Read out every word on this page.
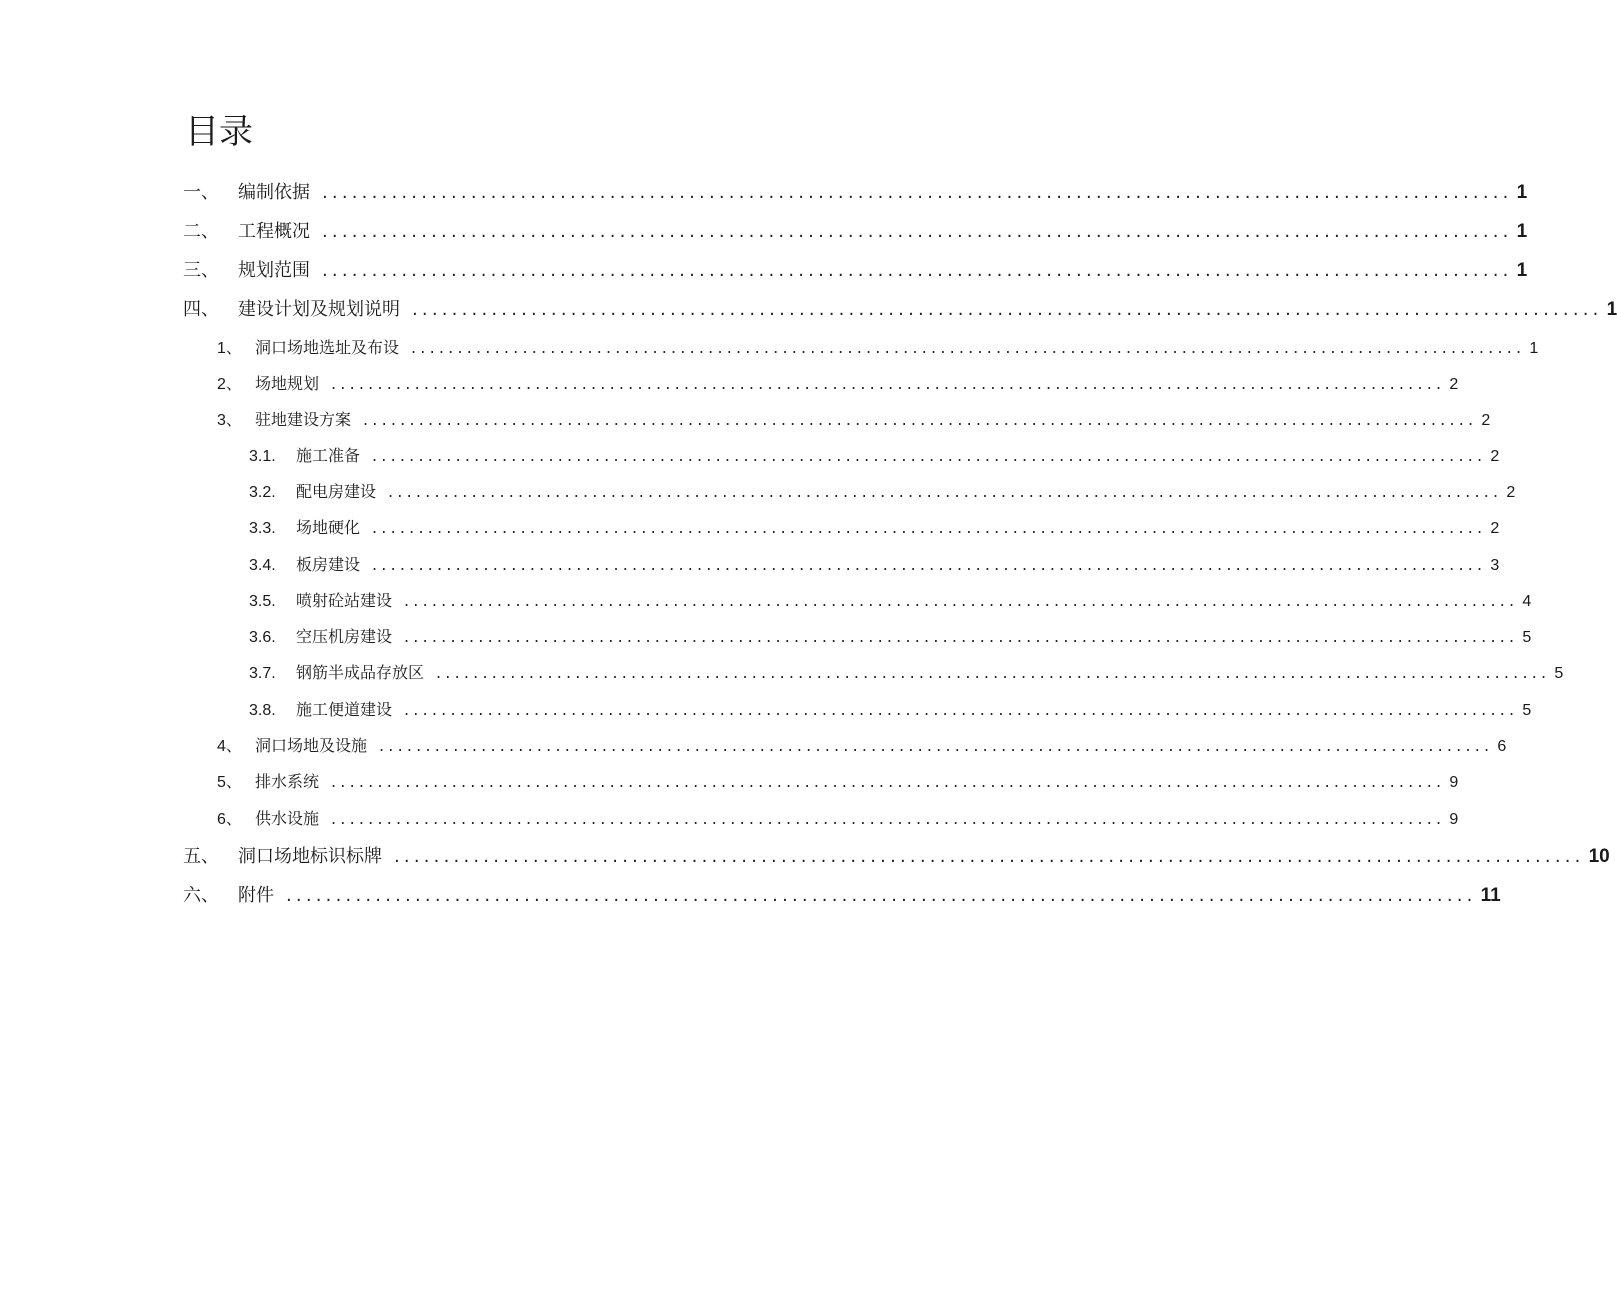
目录
一、	编制依据 ........................................................................................................................ 1
二、	工程概况 ........................................................................................................................ 1
三、	规划范围 ........................................................................................................................ 1
四、	建设计划及规划说明 ........................................................................................................................ 1
1、 洞口场地选址及布设 ........................................................................................................................ 1
2、 场地规划 ........................................................................................................................ 2
3、 驻地建设方案 ........................................................................................................................ 2
3.1.	施工准备 ........................................................................................................................ 2
3.2.	配电房建设 ........................................................................................................................ 2
3.3.	场地硬化 ........................................................................................................................ 2
3.4.	板房建设 ........................................................................................................................ 3
3.5.	喷射砼站建设 ........................................................................................................................ 4
3.6.	空压机房建设 ........................................................................................................................ 5
3.7.	钢筋半成品存放区 ........................................................................................................................ 5
3.8.	施工便道建设 ........................................................................................................................ 5
4、 洞口场地及设施 ........................................................................................................................ 6
5、 排水系统 ........................................................................................................................ 9
6、 供水设施 ........................................................................................................................ 9
五、	洞口场地标识标牌 ........................................................................................................................ 10
六、	附件 ........................................................................................................................ 11
